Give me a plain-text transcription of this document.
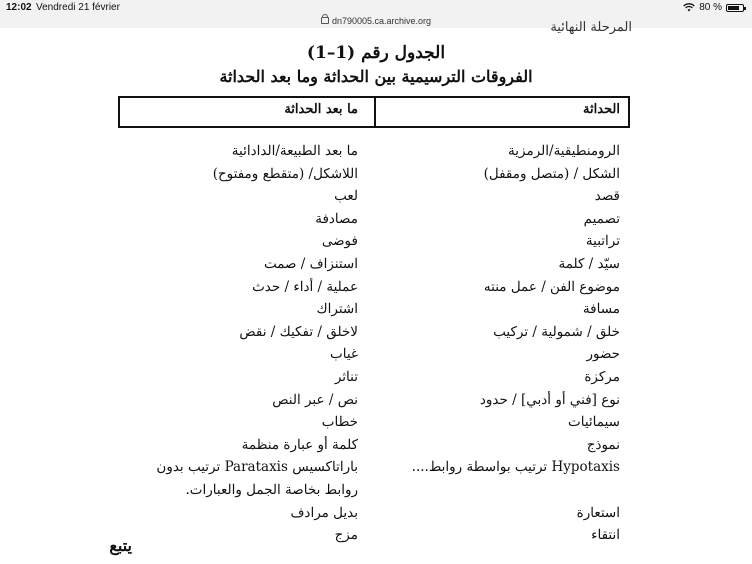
12:02 Vendredi 21 février	80 %
dn790005.ca.archive.org	المرحلة النهائية
الجدول رقم (1–1)
الفروقات الترسيمية بين الحداثة وما بعد الحداثة
الحداثة
ما بعد الحداثة
الرومنطيقية/الرمزية
الشكل / (متصل ومقفل)
قصد
تصميم
تراتبية
سيّد / كلمة
موضوع الفن / عمل منته
مسافة
خلق / شمولية / تركيب
حضور
مركزة
نوع [فني أو أدبي] / حدود
سيمائيات
نموذج
Hypotaxis ترتيب بواسطة روابط....
استعارة
انتقاء
ما بعد الطبيعة/الدادائية
اللاشكل/ (متقطع ومفتوح)
لعب
مصادفة
فوضى
استنزاف / صمت
عملية / أداء / حدث
اشتراك
لاخلق / تفكيك / نقض
غياب
تناثر
نص / عبر النص
خطاب
كلمة أو عبارة منظمة
باراتاكسيس Parataxis ترتيب بدون روابط بخاصة الجمل والعبارات.
بديل مرادف
مزج
يتبع
